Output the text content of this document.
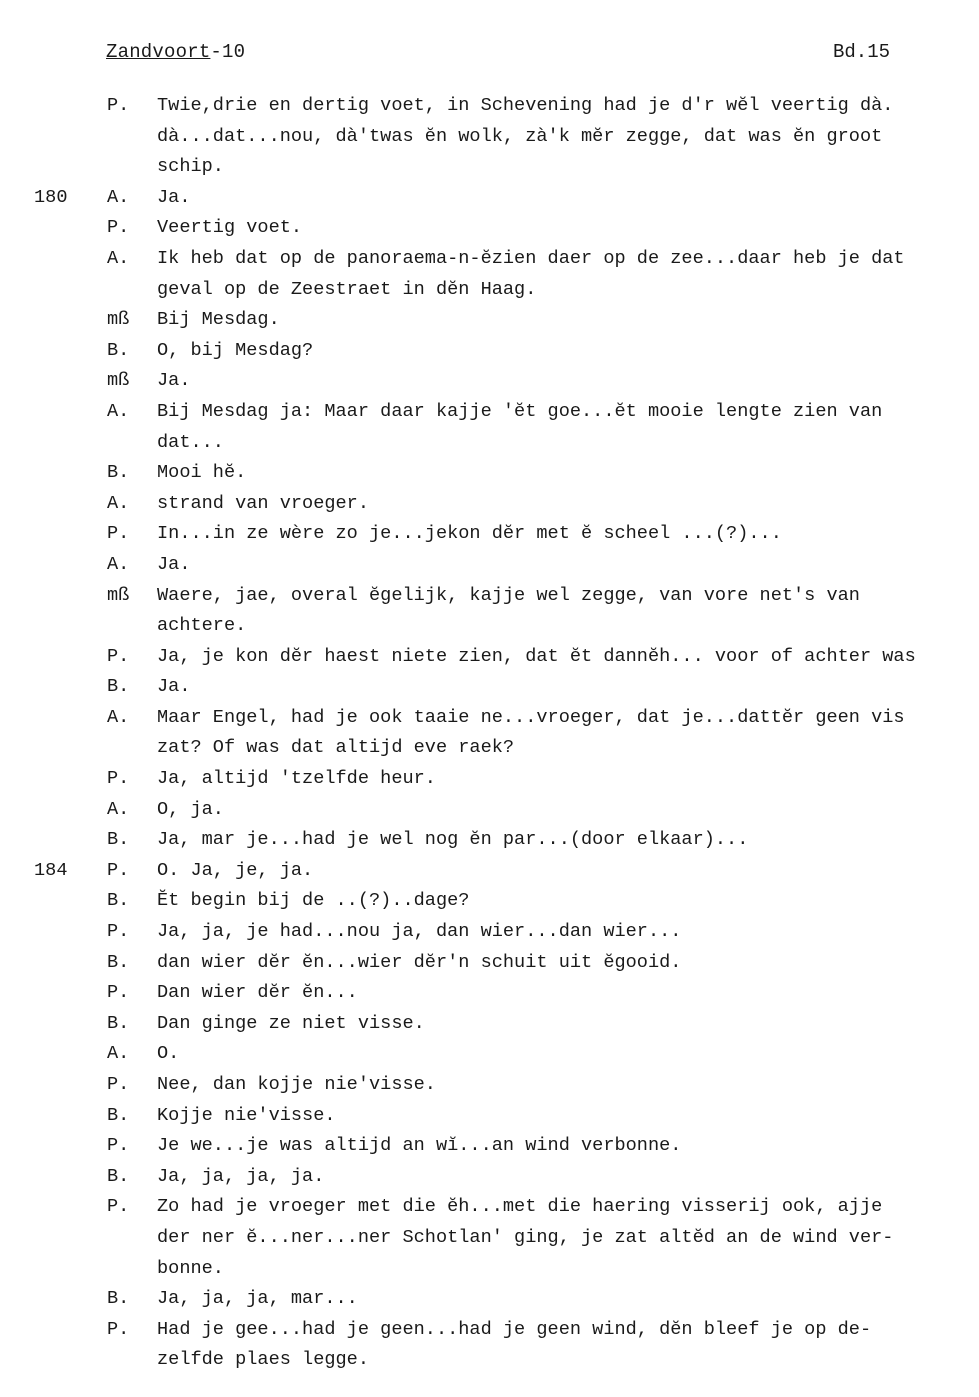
Zandvoort-10	Bd.15
P.	Twie,drie en dertig voet, in Schevening had je d'r wĕl veertig dà.
dà...dat...nou, dà'twas ĕn wolk, zà'k mĕr zegge, dat was ĕn groot
schip.
180	A.	Ja.
P.	Veertig voet.
A.	Ik heb dat op de panoraema-n-ĕzien daer op de zee...daar heb je dat
geval op de Zeestraet in dĕn Haag.
mß	Bij Mesdag.
B.	O, bij Mesdag?
mß	Ja.
A.	Bij Mesdag ja: Maar daar kajje 'ĕt goe...ĕt mooie lengte zien van
dat...
B.	Mooi hĕ.
A.	strand van vroeger.
P.	In...in ze wère zo je...jekon dĕr met ĕ scheel ...(?)...
A.	Ja.
mß	Waere, jae, overal ĕgelijk, kajje wel zegge, van vore net's van
achtere.
P.	Ja, je kon dĕr haest niete zien, dat ĕt dannĕh... voor of achter was
B.	Ja.
A.	Maar Engel, had je ook taaie ne...vroeger, dat je...dattĕr geen vis
zat? Of was dat altijd eve raek?
P.	Ja, altijd 'tzelfde heur.
A.	O, ja.
B.	Ja, mar je...had je wel nog ĕn par...(door elkaar)...
184	P.	O. Ja, je, ja.
B.	Ĕt begin bij de ..(?)..dage?
P.	Ja, ja, je had...nou ja, dan wier...dan wier...
B.	dan wier dĕr ĕn...wier dĕr'n schuit uit ĕgooid.
P.	Dan wier dĕr ĕn...
B.	Dan ginge ze niet visse.
A.	O.
P.	Nee, dan kojje nie'visse.
B.	Kojje nie'visse.
P.	Je we...je was altijd an wĭ...an wind verbonne.
B.	Ja, ja, ja, ja.
P.	Zo had je vroeger met die ĕh...met die haering visserij ook, ajje
der ner ĕ...ner...ner Schotlan' ging, je zat altĕd an de wind ver-
bonne.
B.	Ja, ja, ja, mar...
P.	Had je gee...had je geen...had je geen wind, dĕn bleef je op de-
zelfde plaes legge.
